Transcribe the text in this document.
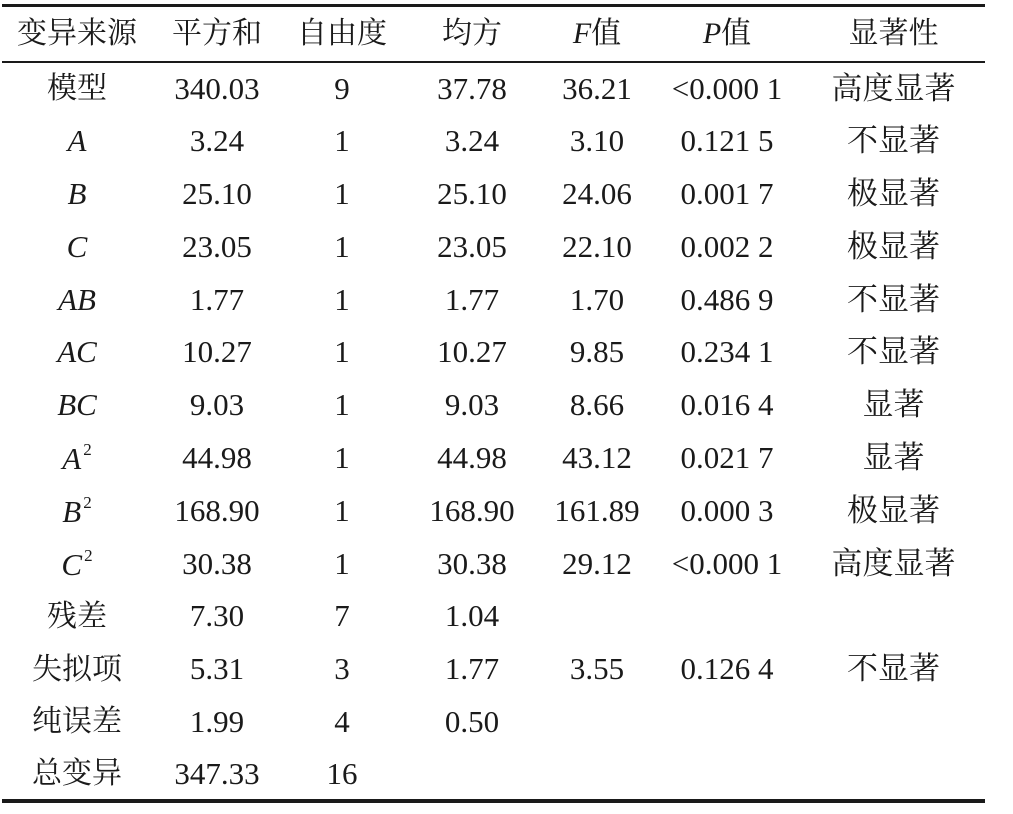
变异来源	平方和	自由度	均方	F值	P值	显著性
模型	340.03	9	37.78	36.21	<0.000 1	高度显著
A	3.24	1	3.24	3.10	0.121 5	不显著
B	25.10	1	25.10	24.06	0.001 7	极显著
C	23.05	1	23.05	22.10	0.002 2	极显著
AB	1.77	1	1.77	1.70	0.486 9	不显著
AC	10.27	1	10.27	9.85	0.234 1	不显著
BC	9.03	1	9.03	8.66	0.016 4	显著
A $^2$	44.98	1	44.98	43.12	0.021 7	显著
B $^2$	168.90	1	168.90	161.89	0.000 3	极显著
C $^2$	30.38	1	30.38	29.12	<0.000 1	高度显著
残差	7.30	7	1.04			
失拟项	5.31	3	1.77	3.55	0.126 4	不显著
纯误差	1.99	4	0.50			
总变异	347.33	16				
